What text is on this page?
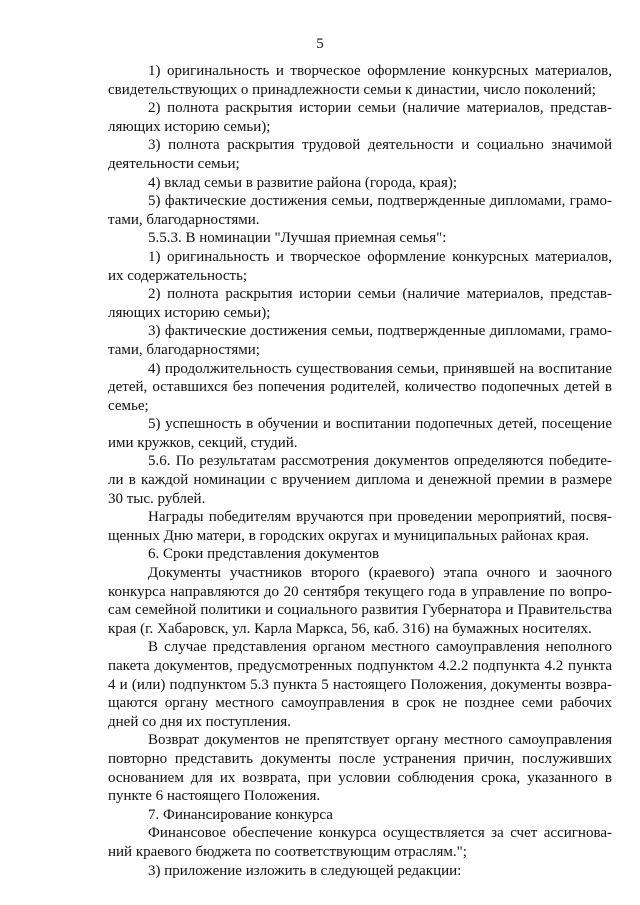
5

1) оригинальность и творческое оформление конкурсных материалов, свидетельствующих о принадлежности семьи к династии, число поколений;

2) полнота раскрытия истории семьи (наличие материалов, представляющих историю семьи);

3) полнота раскрытия трудовой деятельности и социально значимой деятельности семьи;

4) вклад семьи в развитие района (города, края);

5) фактические достижения семьи, подтвержденные дипломами, грамотами, благодарностями.

5.5.3. В номинации "Лучшая приемная семья":

1) оригинальность и творческое оформление конкурсных материалов, их содержательность;

2) полнота раскрытия истории семьи (наличие материалов, представляющих историю семьи);

3) фактические достижения семьи, подтвержденные дипломами, грамотами, благодарностями;

4) продолжительность существования семьи, принявшей на воспитание детей, оставшихся без попечения родителей, количество подопечных детей в семье;

5) успешность в обучении и воспитании подопечных детей, посещение ими кружков, секций, студий.

5.6. По результатам рассмотрения документов определяются победители в каждой номинации с вручением диплома и денежной премии в размере 30 тыс. рублей.

Награды победителям вручаются при проведении мероприятий, посвященных Дню матери, в городских округах и муниципальных районах края.

6. Сроки представления документов

Документы участников второго (краевого) этапа очного и заочного конкурса направляются до 20 сентября текущего года в управление по вопросам семейной политики и социального развития Губернатора и Правительства края (г. Хабаровск, ул. Карла Маркса, 56, каб. 316) на бумажных носителях.

В случае представления органом местного самоуправления неполного пакета документов, предусмотренных подпунктом 4.2.2 подпункта 4.2 пункта 4 и (или) подпунктом 5.3 пункта 5 настоящего Положения, документы возвращаются органу местного самоуправления в срок не позднее семи рабочих дней со дня их поступления.

Возврат документов не препятствует органу местного самоуправления повторно представить документы после устранения причин, послуживших основанием для их возврата, при условии соблюдения срока, указанного в пункте 6 настоящего Положения.

7. Финансирование конкурса

Финансовое обеспечение конкурса осуществляется за счет ассигнований краевого бюджета по соответствующим отраслям.";

3) приложение изложить в следующей редакции:
